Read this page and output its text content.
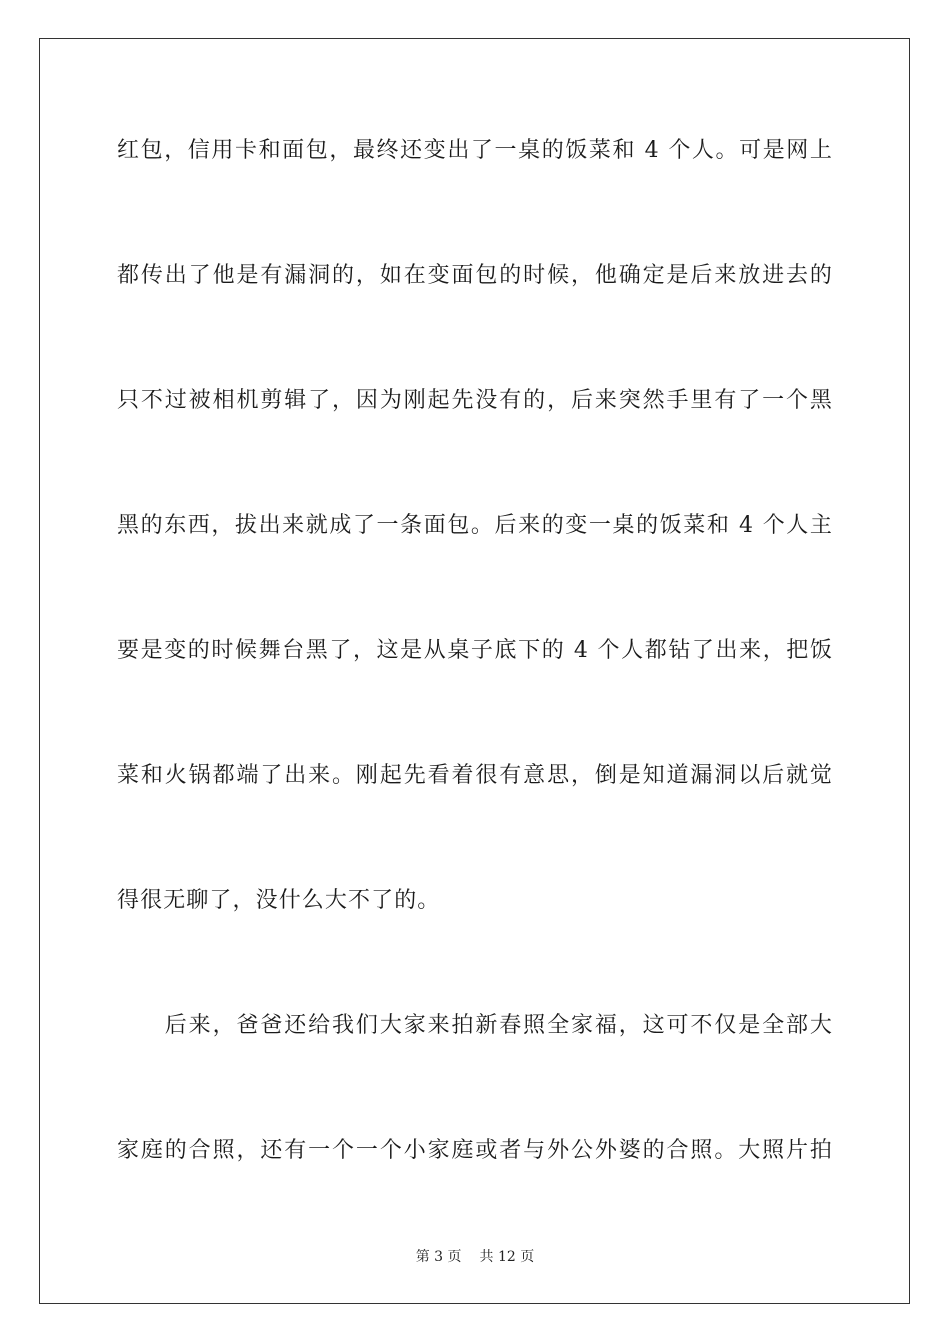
红包，信用卡和面包，最终还变出了一桌的饭菜和 4 个人。可是网上
都传出了他是有漏洞的，如在变面包的时候，他确定是后来放进去的
只不过被相机剪辑了，因为刚起先没有的，后来突然手里有了一个黑
黑的东西，拔出来就成了一条面包。后来的变一桌的饭菜和 4 个人主
要是变的时候舞台黑了，这是从桌子底下的 4 个人都钻了出来，把饭
菜和火锅都端了出来。刚起先看着很有意思，倒是知道漏洞以后就觉
得很无聊了，没什么大不了的。
　　后来，爸爸还给我们大家来拍新春照全家福，这可不仅是全部大
家庭的合照，还有一个一个小家庭或者与外公外婆的合照。大照片拍
第 3 页 共 12 页
